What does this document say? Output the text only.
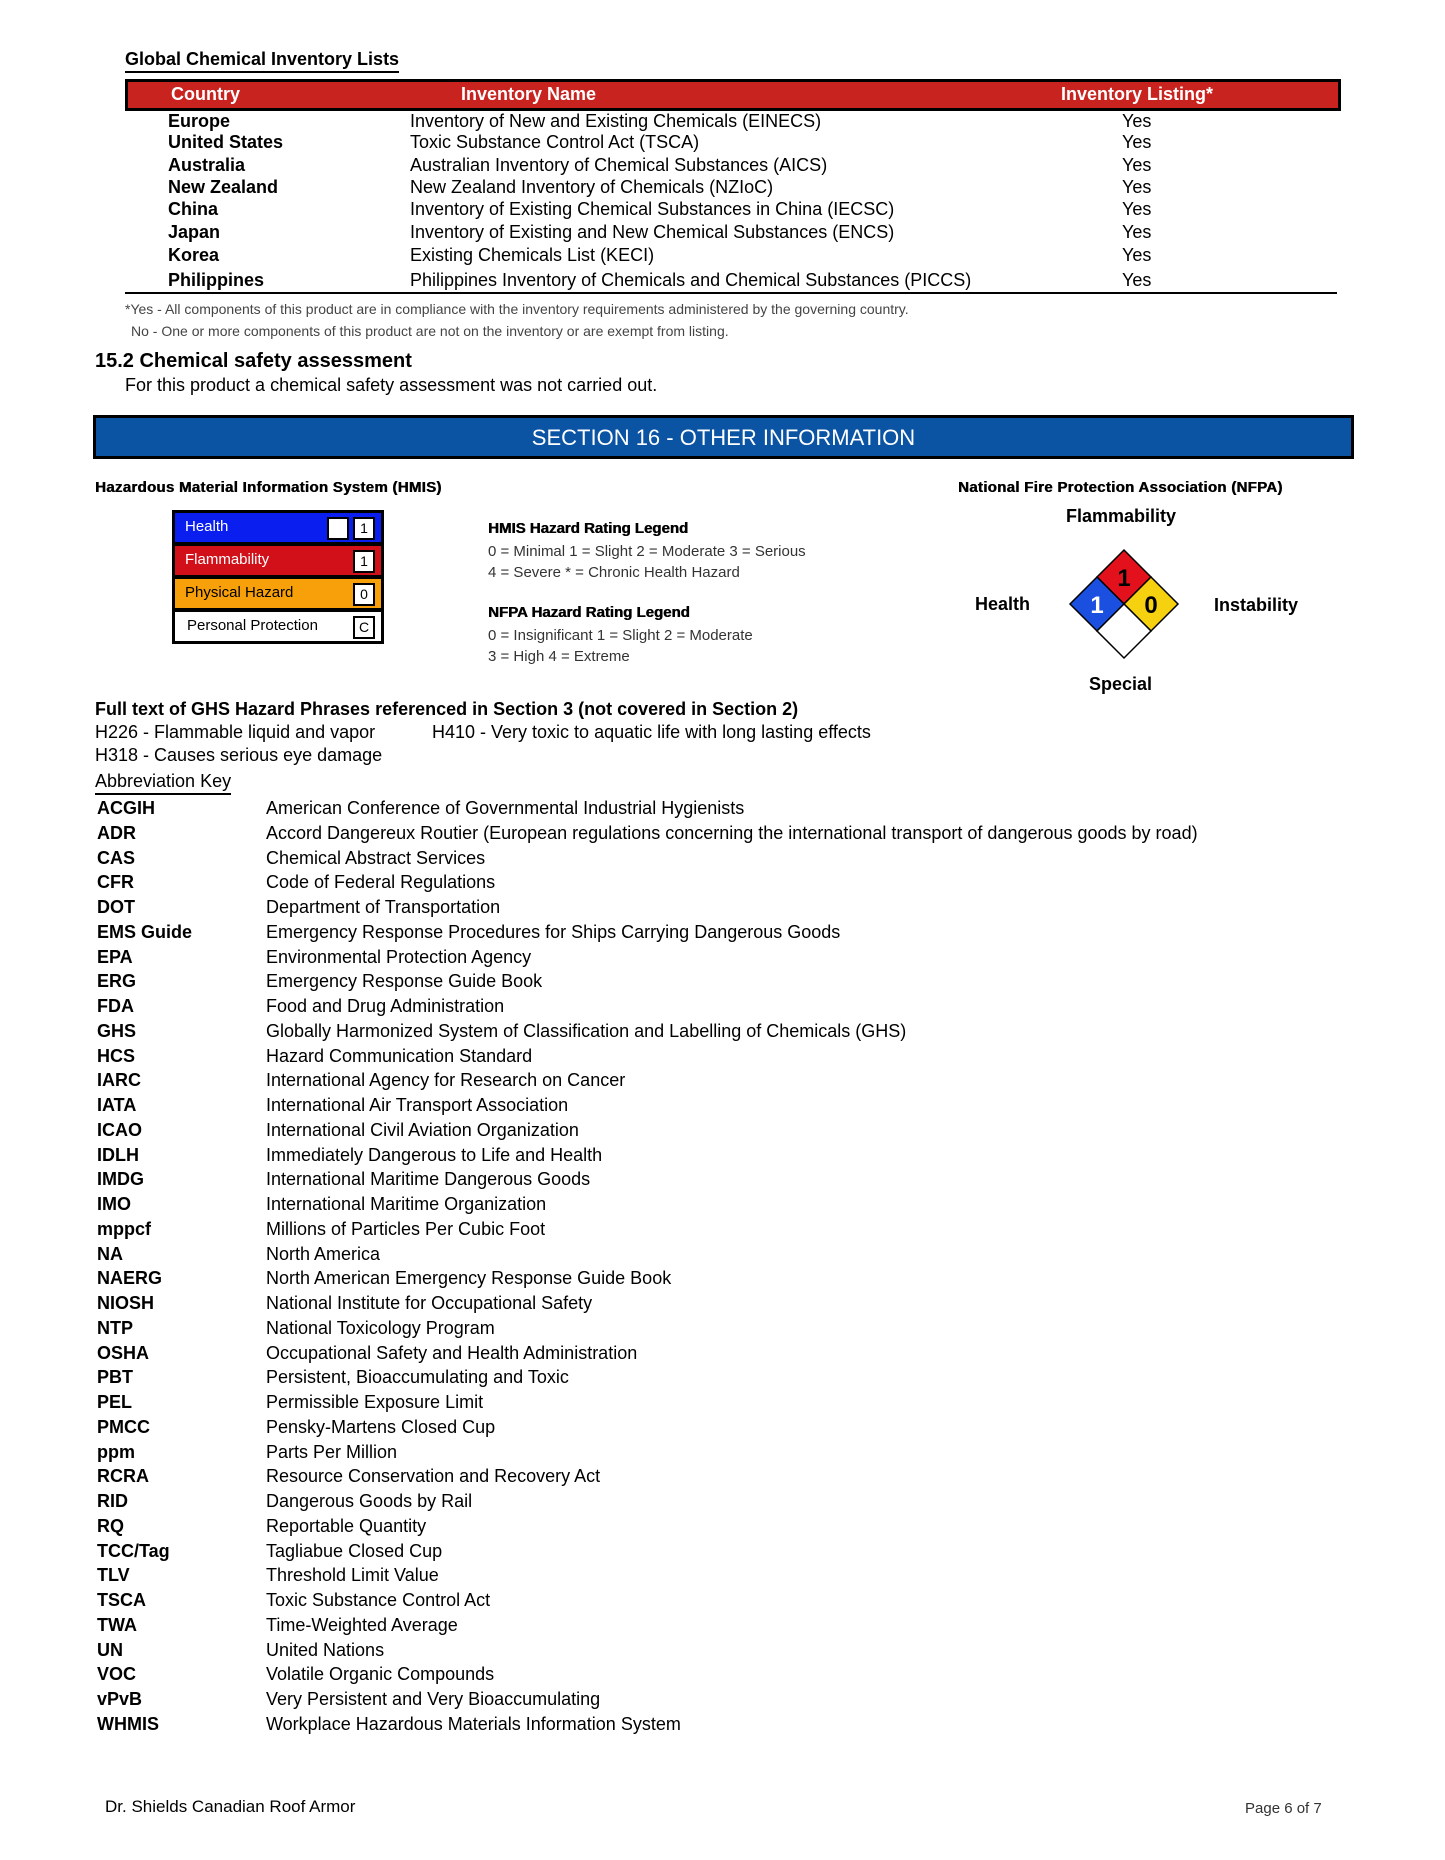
Global Chemical Inventory Lists
Country	Inventory Name	Inventory Listing*
Europe	Inventory of New and Existing Chemicals (EINECS)	Yes
United States	Toxic Substance Control Act (TSCA)	Yes
Australia	Australian Inventory of Chemical Substances (AICS)	Yes
New Zealand	New Zealand Inventory of Chemicals (NZIoC)	Yes
China	Inventory of Existing Chemical Substances in China (IECSC)	Yes
Japan	Inventory of Existing and New Chemical Substances (ENCS)	Yes
Korea	Existing Chemicals List (KECI)	Yes
Philippines	Philippines Inventory of Chemicals and Chemical Substances (PICCS)	Yes
*Yes - All components of this product are in compliance with the inventory requirements administered by the governing country.
No - One or more components of this product are not on the inventory or are exempt from listing.
15.2 Chemical safety assessment
For this product a chemical safety assessment was not carried out.
SECTION 16 - OTHER INFORMATION
Hazardous Material Information System (HMIS)
Health	1
Flammability	1
Physical Hazard	0
Personal Protection	C
HMIS Hazard Rating Legend
0 = Minimal 1 = Slight 2 = Moderate 3 = Serious
4 = Severe * = Chronic Health Hazard
NFPA Hazard Rating Legend
0 = Insignificant 1 = Slight 2 = Moderate
3 = High 4 = Extreme
National Fire Protection Association (NFPA)
Flammability
Health	Instability
Special
1
1 0
Full text of GHS Hazard Phrases referenced in Section 3 (not covered in Section 2)
H226 - Flammable liquid and vapor	H410 - Very toxic to aquatic life with long lasting effects
H318 - Causes serious eye damage
Abbreviation Key
ACGIH	American Conference of Governmental Industrial Hygienists
ADR	Accord Dangereux Routier (European regulations concerning the international transport of dangerous goods by road)
CAS	Chemical Abstract Services
CFR	Code of Federal Regulations
DOT	Department of Transportation
EMS Guide	Emergency Response Procedures for Ships Carrying Dangerous Goods
EPA	Environmental Protection Agency
ERG	Emergency Response Guide Book
FDA	Food and Drug Administration
GHS	Globally Harmonized System of Classification and Labelling of Chemicals (GHS)
HCS	Hazard Communication Standard
IARC	International Agency for Research on Cancer
IATA	International Air Transport Association
ICAO	International Civil Aviation Organization
IDLH	Immediately Dangerous to Life and Health
IMDG	International Maritime Dangerous Goods
IMO	International Maritime Organization
mppcf	Millions of Particles Per Cubic Foot
NA	North America
NAERG	North American Emergency Response Guide Book
NIOSH	National Institute for Occupational Safety
NTP	National Toxicology Program
OSHA	Occupational Safety and Health Administration
PBT	Persistent, Bioaccumulating and Toxic
PEL	Permissible Exposure Limit
PMCC	Pensky-Martens Closed Cup
ppm	Parts Per Million
RCRA	Resource Conservation and Recovery Act
RID	Dangerous Goods by Rail
RQ	Reportable Quantity
TCC/Tag	Tagliabue Closed Cup
TLV	Threshold Limit Value
TSCA	Toxic Substance Control Act
TWA	Time-Weighted Average
UN	United Nations
VOC	Volatile Organic Compounds
vPvB	Very Persistent and Very Bioaccumulating
WHMIS	Workplace Hazardous Materials Information System
Dr. Shields Canadian Roof Armor	Page 6 of 7
